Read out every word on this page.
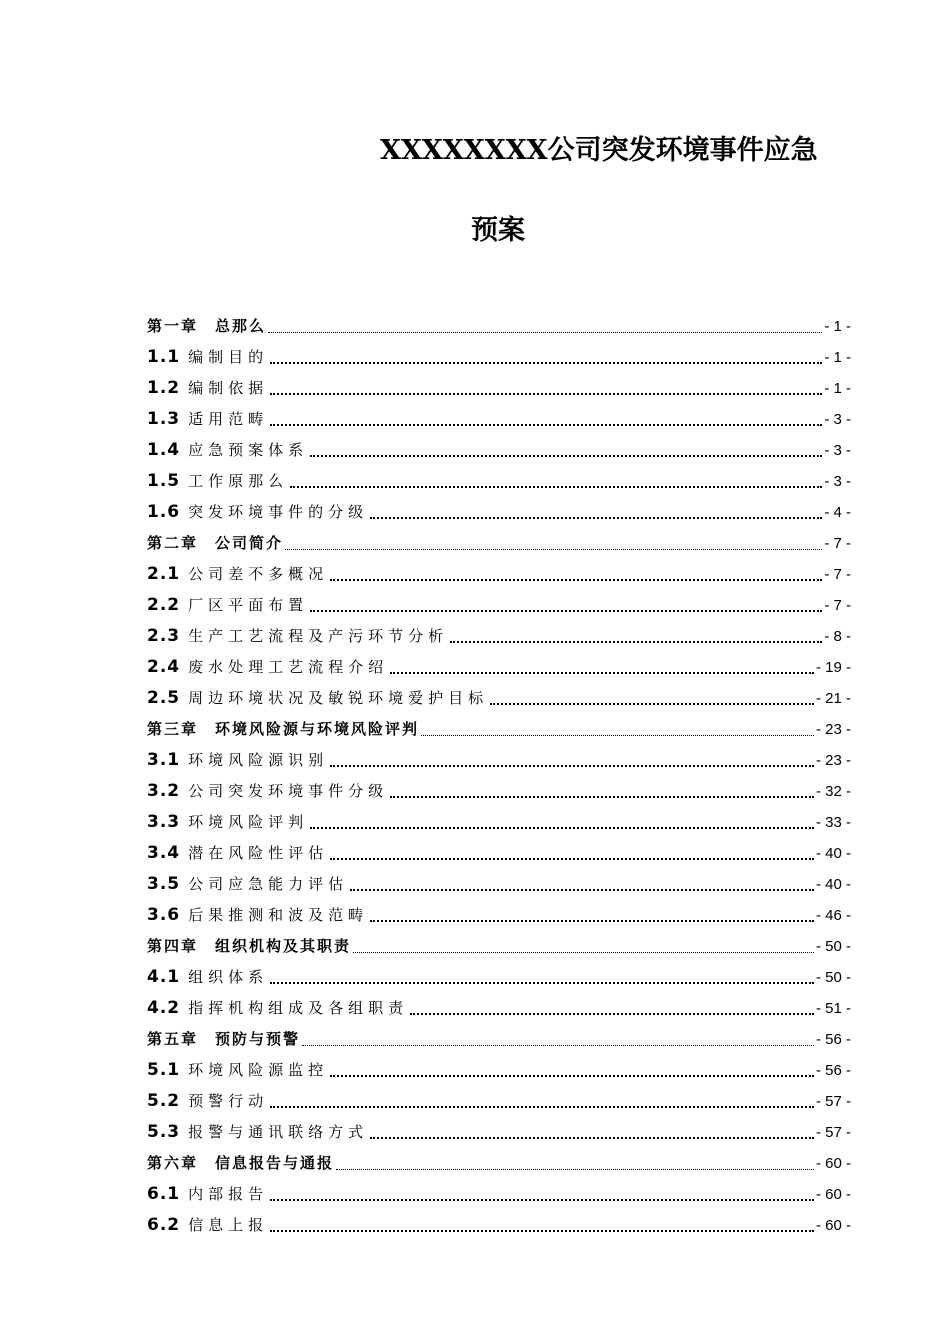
XXXXXXXX公司突发环境事件应急
预案
第一章　总那么	- 1 -
1.1 编制目的	- 1 -
1.2 编制依据	- 1 -
1.3 适用范畴	- 3 -
1.4 应急预案体系	- 3 -
1.5 工作原那么	- 3 -
1.6 突发环境事件的分级	- 4 -
第二章　公司简介	- 7 -
2.1 公司差不多概况	- 7 -
2.2 厂区平面布置	- 7 -
2.3 生产工艺流程及产污环节分析	- 8 -
2.4 废水处理工艺流程介绍	- 19 -
2.5 周边环境状况及敏锐环境爱护目标	- 21 -
第三章　环境风险源与环境风险评判	- 23 -
3.1 环境风险源识别	- 23 -
3.2 公司突发环境事件分级	- 32 -
3.3 环境风险评判	- 33 -
3.4 潜在风险性评估	- 40 -
3.5 公司应急能力评估	- 40 -
3.6 后果推测和波及范畴	- 46 -
第四章　组织机构及其职责	- 50 -
4.1 组织体系	- 50 -
4.2 指挥机构组成及各组职责	- 51 -
第五章　预防与预警	- 56 -
5.1 环境风险源监控	- 56 -
5.2 预警行动	- 57 -
5.3 报警与通讯联络方式	- 57 -
第六章　信息报告与通报	- 60 -
6.1 内部报告	- 60 -
6.2 信息上报	- 60 -
